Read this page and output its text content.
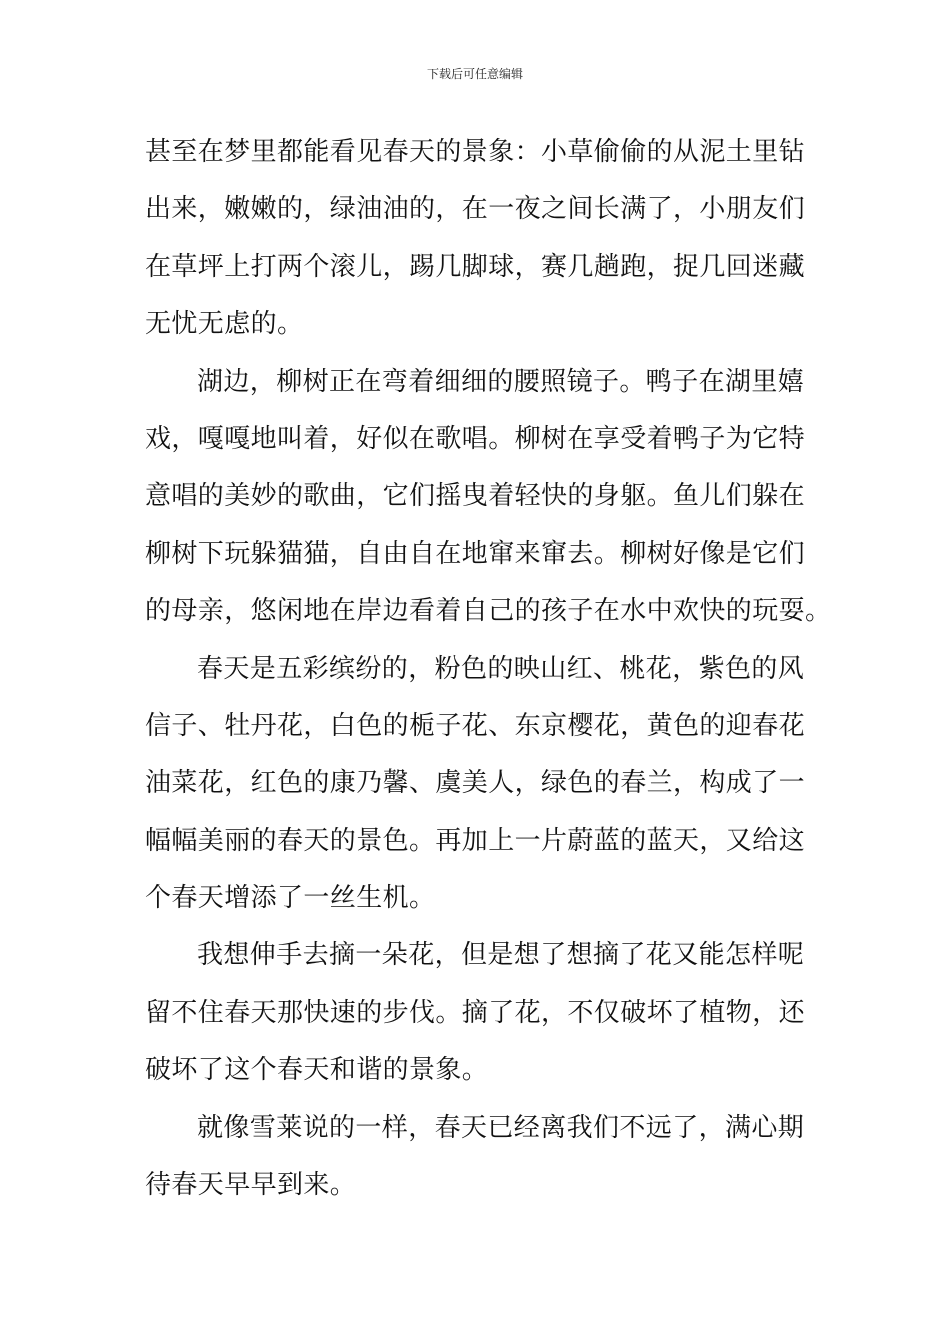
下载后可任意编辑
甚至在梦里都能看见春天的景象：小草偷偷的从泥土里钻
出来，嫩嫩的，绿油油的，在一夜之间长满了，小朋友们
在草坪上打两个滚儿，踢几脚球，赛几趟跑，捉几回迷藏
无忧无虑的。
湖边，柳树正在弯着细细的腰照镜子。鸭子在湖里嬉
戏，嘎嘎地叫着，好似在歌唱。柳树在享受着鸭子为它特
意唱的美妙的歌曲，它们摇曳着轻快的身躯。鱼儿们躲在
柳树下玩躲猫猫，自由自在地窜来窜去。柳树好像是它们
的母亲，悠闲地在岸边看着自己的孩子在水中欢快的玩耍。
春天是五彩缤纷的，粉色的映山红、桃花，紫色的风
信子、牡丹花，白色的栀子花、东京樱花，黄色的迎春花
油菜花，红色的康乃馨、虞美人，绿色的春兰，构成了一
幅幅美丽的春天的景色。再加上一片蔚蓝的蓝天，又给这
个春天增添了一丝生机。
我想伸手去摘一朵花，但是想了想摘了花又能怎样呢
留不住春天那快速的步伐。摘了花，不仅破坏了植物，还
破坏了这个春天和谐的景象。
就像雪莱说的一样，春天已经离我们不远了，满心期
待春天早早到来。
